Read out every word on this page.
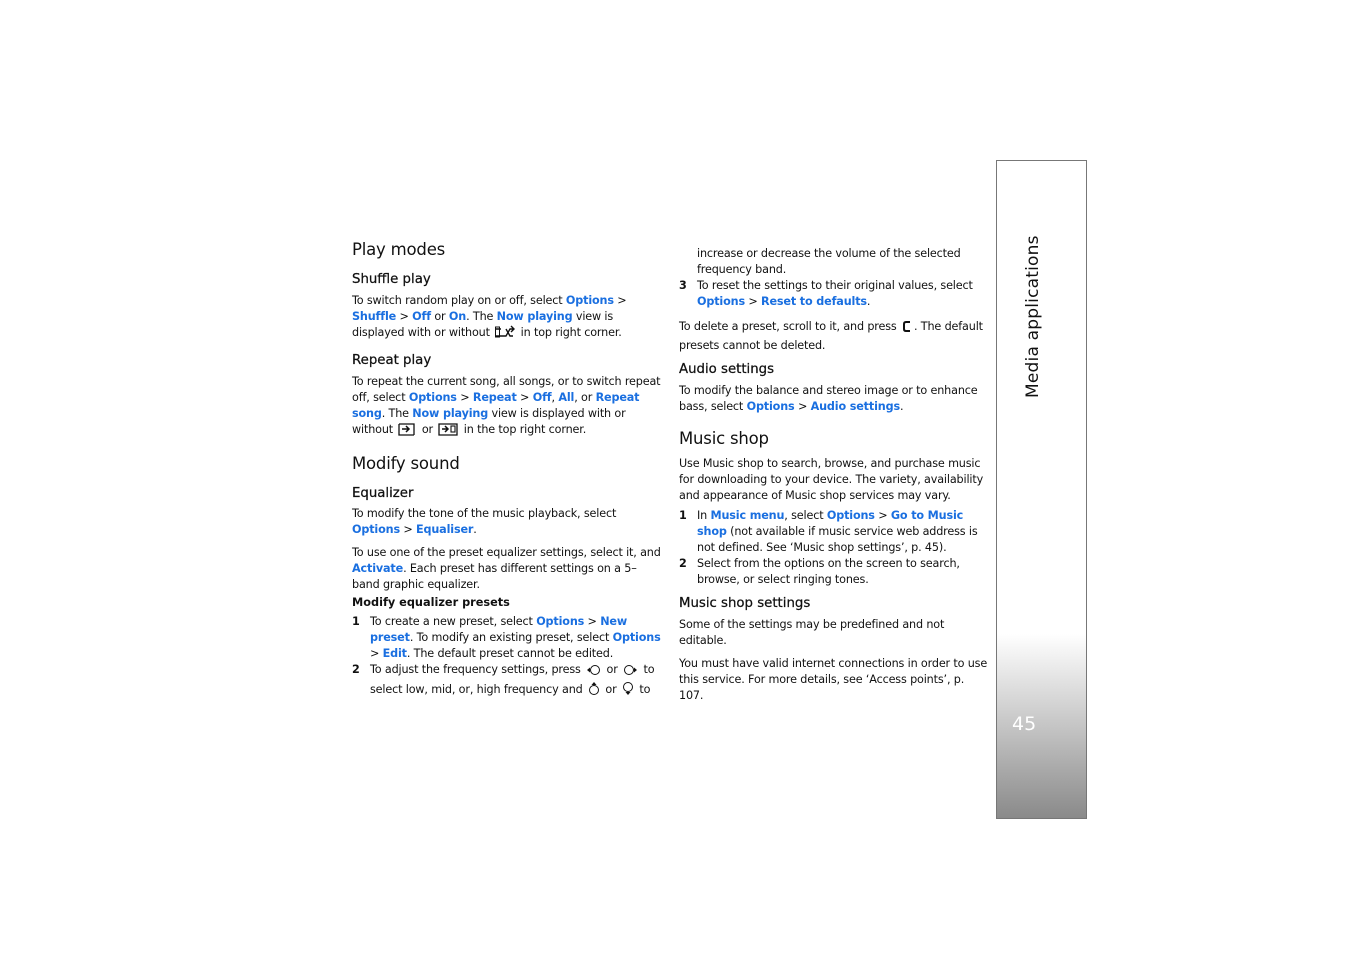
Play modes
Shuffle play

To switch random play on or off, select Options > Shuffle > Off or On. The Now playing view is displayed with or without  in top right corner.

Repeat play

To repeat the current song, all songs, or to switch repeat off, select Options > Repeat > Off, All, or Repeat song. The Now playing view is displayed with or without  or  in the top right corner.

Modify sound
Equalizer

To modify the tone of the music playback, select Options > Equaliser.

To use one of the preset equalizer settings, select it, and Activate. Each preset has different settings on a 5–band graphic equalizer.

Modify equalizer presets
1 To create a new preset, select Options > New preset. To modify an existing preset, select Options > Edit. The default preset cannot be edited.
2 To adjust the frequency settings, press  or  to select low, mid, or, high frequency and  or  to
increase or decrease the volume of the selected frequency band.
3 To reset the settings to their original values, select Options > Reset to defaults.

To delete a preset, scroll to it, and press . The default presets cannot be deleted.

Audio settings

To modify the balance and stereo image or to enhance bass, select Options > Audio settings.

Music shop

Use Music shop to search, browse, and purchase music for downloading to your device. The variety, availability and appearance of Music shop services may vary.

1 In Music menu, select Options > Go to Music shop (not available if music service web address is not defined. See ‘Music shop settings’, p. 45).
2 Select from the options on the screen to search, browse, or select ringing tones.
Music shop settings

Some of the settings may be predefined and not editable.

You must have valid internet connections in order to use this service. For more details, see ‘Access points’, p. 107.

Media applications
45
